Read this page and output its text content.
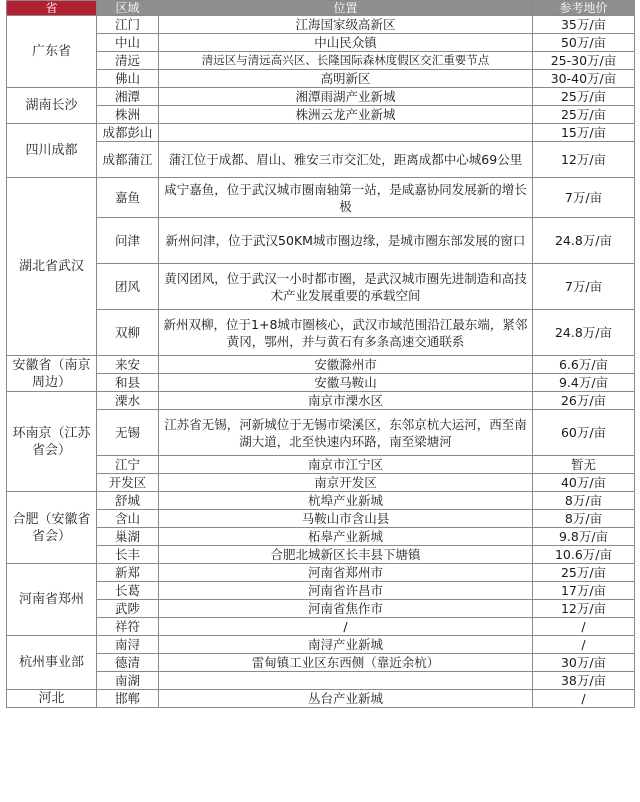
省	区域	位置	参考地价
广东省	江门	江海国家级高新区	35万/亩
	中山	中山民众镇	50万/亩
	清远	清远区与清远高兴区、长隆国际森林度假区交汇重要节点	25-30万/亩
	佛山	高明新区	30-40万/亩
湖南长沙	湘潭	湘潭雨湖产业新城	25万/亩
	株洲	株洲云龙产业新城	25万/亩
四川成都	成都彭山		15万/亩
	成都蒲江	蒲江位于成都、眉山、雅安三市交汇处，距离成都中心城69公里	12万/亩
湖北省武汉	嘉鱼	咸宁嘉鱼，位于武汉城市圈南轴第一站，是咸嘉协同发展新的增长极	7万/亩
	问津	新州问津，位于武汉50KM城市圈边缘，是城市圈东部发展的窗口	24.8万/亩
	团风	黄冈团风，位于武汉一小时都市圈，是武汉城市圈先进制造和高技术产业发展重要的承载空间	7万/亩
	双柳	新州双柳，位于1+8城市圈核心，武汉市域范围沿江最东端，紧邻黄冈，鄂州，并与黄石有多条高速交通联系	24.8万/亩
安徽省（南京周边）	来安	安徽滁州市	6.6万/亩
	和县	安徽马鞍山	9.4万/亩
环南京（江苏省会）	溧水	南京市溧水区	26万/亩
	无锡	江苏省无锡，河新城位于无锡市梁溪区，东邻京杭大运河，西至南湖大道，北至快速内环路，南至梁塘河	60万/亩
	江宁	南京市江宁区	暂无
	开发区	南京开发区	40万/亩
合肥（安徽省省会）	舒城	杭埠产业新城	8万/亩
	含山	马鞍山市含山县	8万/亩
	巢湖	柘皋产业新城	9.8万/亩
	长丰	合肥北城新区长丰县下塘镇	10.6万/亩
河南省郑州	新郑	河南省郑州市	25万/亩
	长葛	河南省许昌市	17万/亩
	武陟	河南省焦作市	12万/亩
	祥符	/	/
杭州事业部	南浔	南浔产业新城	/
	德清	雷甸镇工业区东西侧（靠近余杭）	30万/亩
	南湖		38万/亩
河北	邯郸	丛台产业新城	/
